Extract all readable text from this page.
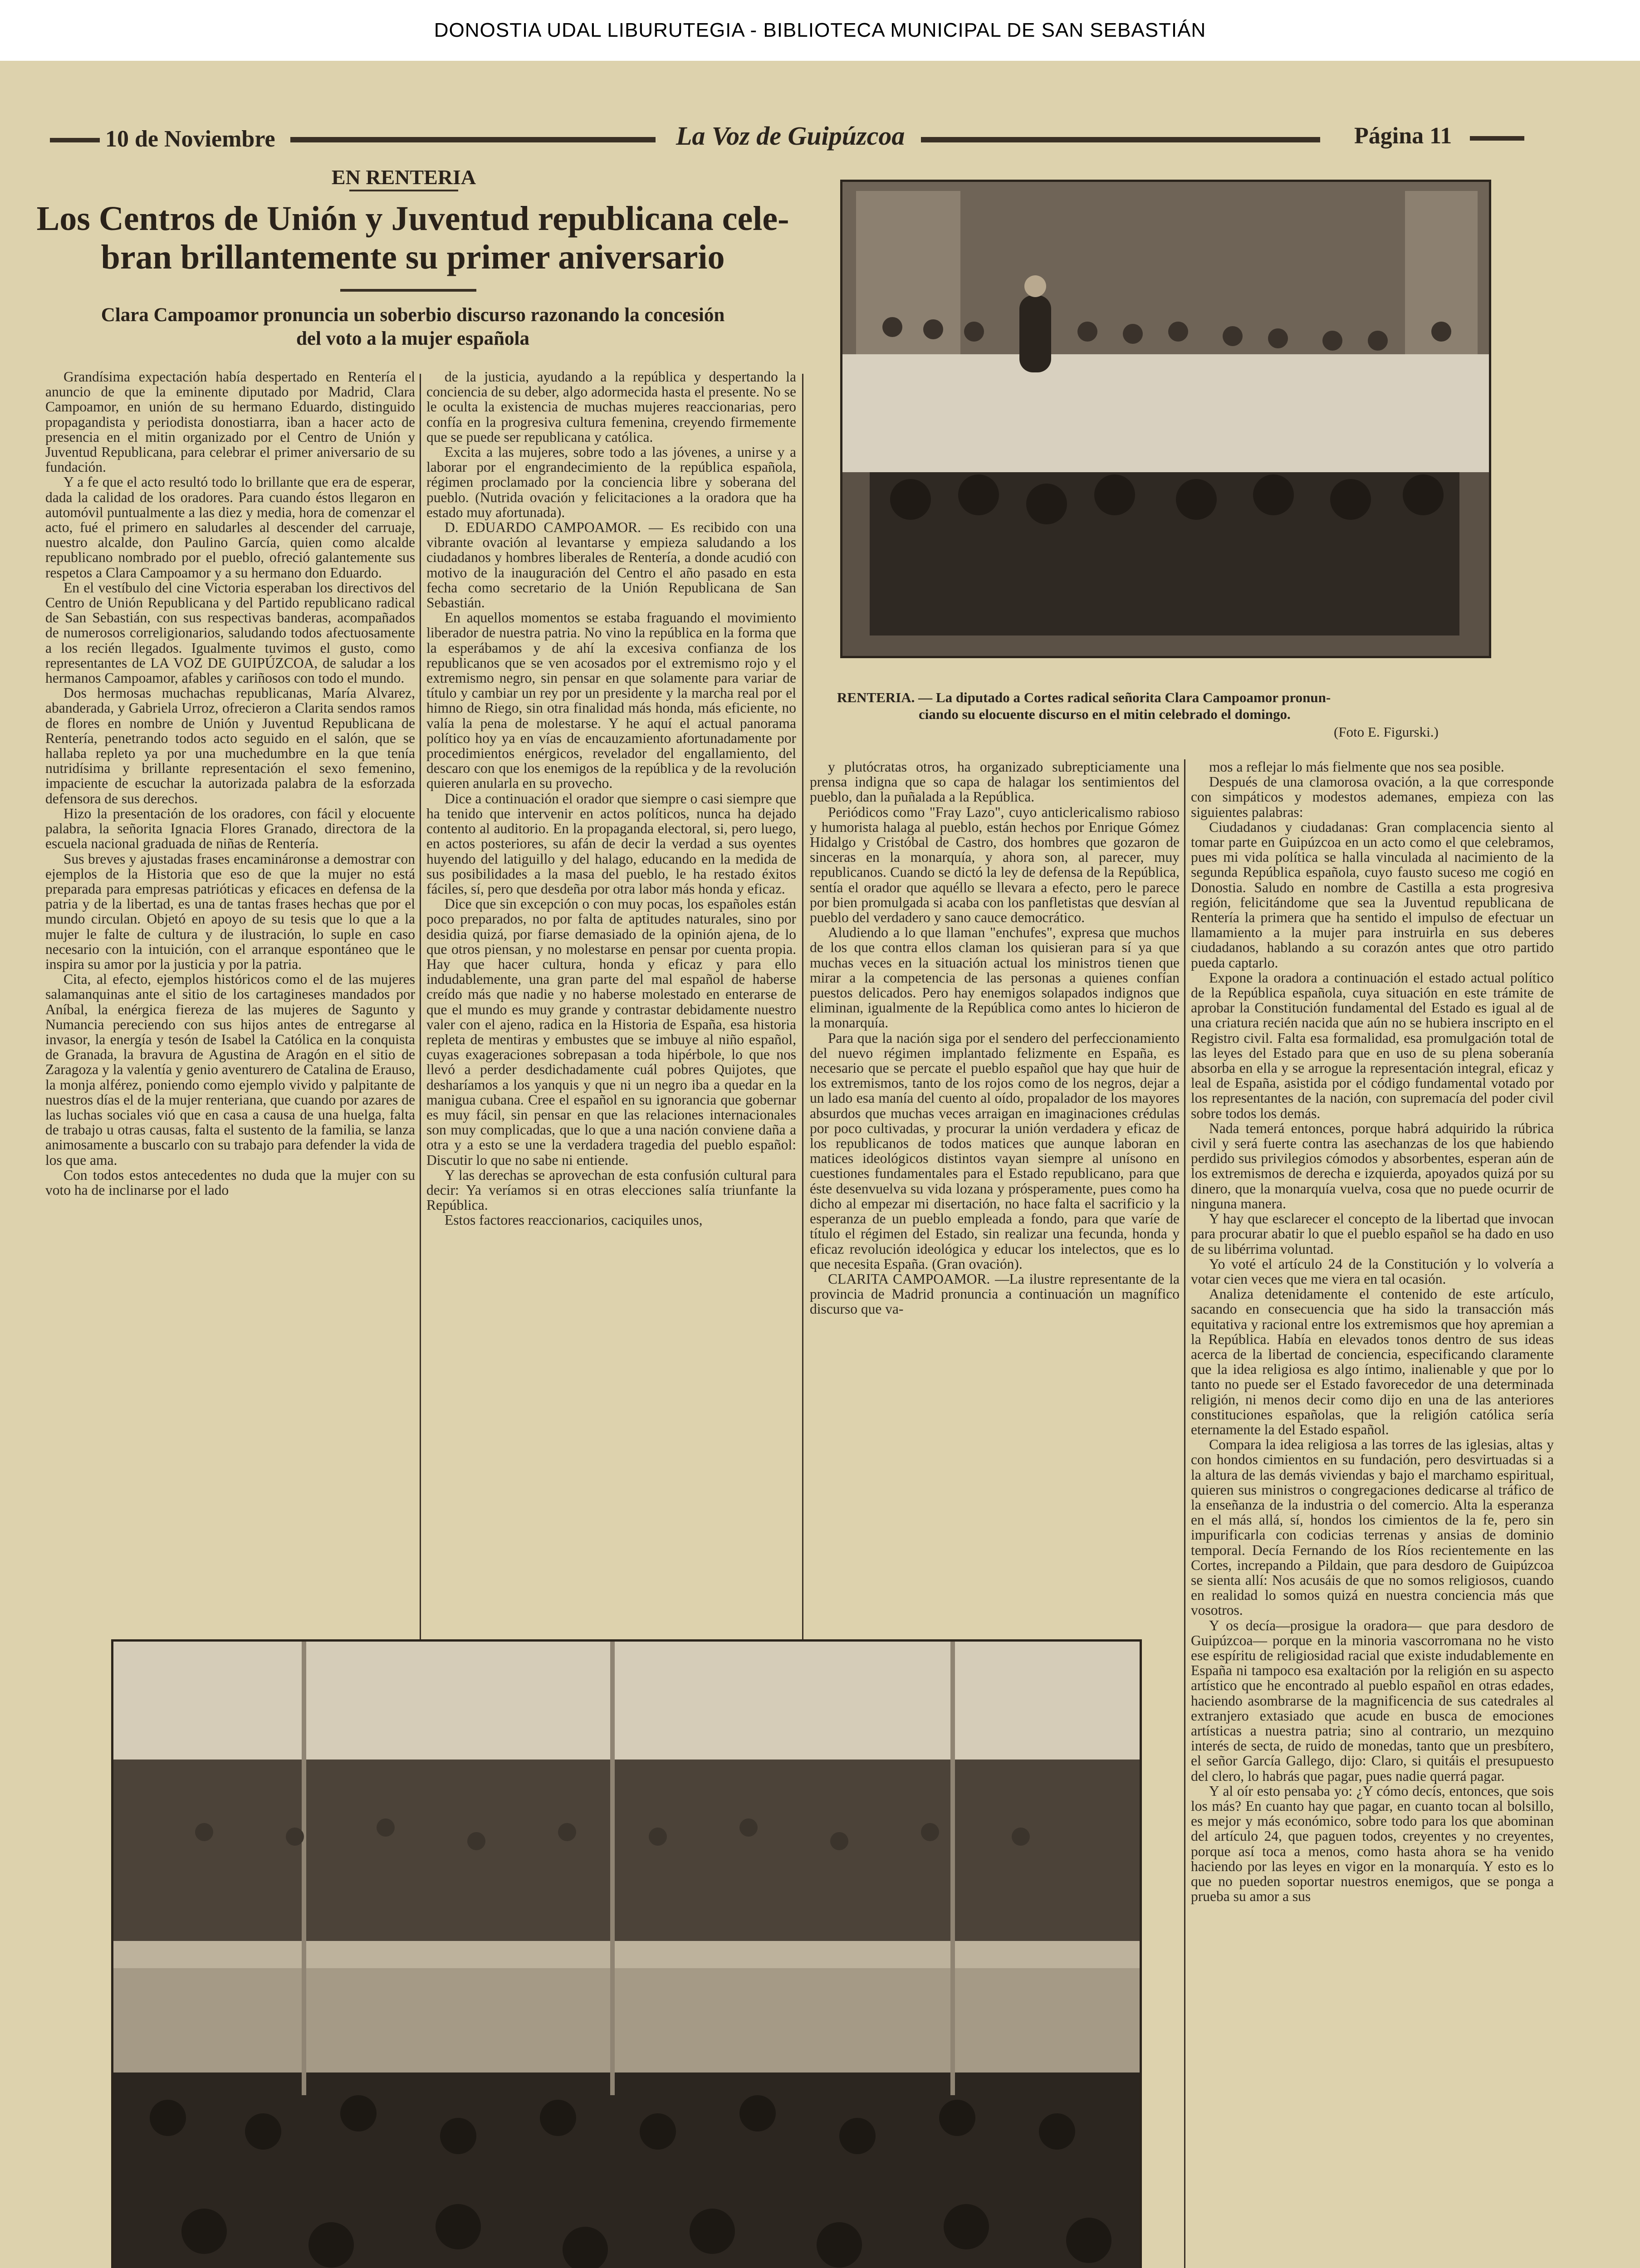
DONOSTIA UDAL LIBURUTEGIA - BIBLIOTECA MUNICIPAL DE SAN SEBASTIÁN
10 de Noviembre	La Voz de Guipúzcoa	Página 11
EN RENTERIA
Los Centros de Unión y Juventud republicana cele-
bran brillantemente su primer aniversario
Clara Campoamor pronuncia un soberbio discurso razonando la concesión
del voto a la mujer española

Grandísima expectación había despertado en Rentería el anuncio de que la eminente diputado por Madrid, Clara Campoamor, en unión de su hermano Eduardo, distinguido propagandista y periodista donostiarra, iban a hacer acto de presencia en el mitin organizado por el Centro de Unión y Juventud Republicana, para celebrar el primer aniversario de su fundación.

Y a fe que el acto resultó todo lo brillante que era de esperar, dada la calidad de los oradores. Para cuando éstos llegaron en automóvil puntualmente a las diez y media, hora de comenzar el acto, fué el primero en saludarles al descender del carruaje, nuestro alcalde, don Paulino García, quien como alcalde republicano nombrado por el pueblo, ofreció galantemente sus respetos a Clara Campoamor y a su hermano don Eduardo.

En el vestíbulo del cine Victoria esperaban los directivos del Centro de Unión Republicana y del Partido republicano radical de San Sebastián, con sus respectivas banderas, acompañados de numerosos correligionarios, saludando todos afectuosamente a los recién llegados. Igualmente tuvimos el gusto, como representantes de LA VOZ DE GUIPÚZCOA, de saludar a los hermanos Campoamor, afables y cariñosos con todo el mundo.

Dos hermosas muchachas republicanas, María Alvarez, abanderada, y Gabriela Urroz, ofrecieron a Clarita sendos ramos de flores en nombre de Unión y Juventud Republicana de Rentería, penetrando todos acto seguido en el salón, que se hallaba repleto ya por una muchedumbre en la que tenía nutridísima y brillante representación el sexo femenino, impaciente de escuchar la autorizada palabra de la esforzada defensora de sus derechos.

Hizo la presentación de los oradores, con fácil y elocuente palabra, la señorita Ignacia Flores Granado, directora de la escuela nacional graduada de niñas de Rentería.

Sus breves y ajustadas frases encamináronse a demostrar con ejemplos de la Historia que eso de que la mujer no está preparada para empresas patrióticas y eficaces en defensa de la patria y de la libertad, es una de tantas frases hechas que por el mundo circulan. Objetó en apoyo de su tesis que lo que a la mujer le falte de cultura y de ilustración, lo suple en caso necesario con la intuición, con el arranque espontáneo que le inspira su amor por la justicia y por la patria.

Cita, al efecto, ejemplos históricos como el de las mujeres salamanquinas ante el sitio de los cartagineses mandados por Aníbal, la enérgica fiereza de las mujeres de Sagunto y Numancia pereciendo con sus hijos antes de entregarse al invasor, la energía y tesón de Isabel la Católica en la conquista de Granada, la bravura de Agustina de Aragón en el sitio de Zaragoza y la valentía y genio aventurero de Catalina de Erauso, la monja alférez, poniendo como ejemplo vivido y palpitante de nuestros días el de la mujer renteriana, que cuando por azares de las luchas sociales vió que en casa a causa de una huelga, falta de trabajo u otras causas, falta el sustento de la familia, se lanza animosamente a buscarlo con su trabajo para defender la vida de los que ama.

Con todos estos antecedentes no duda que la mujer con su voto ha de inclinarse por el lado

de la justicia, ayudando a la república y despertando la conciencia de su deber, algo adormecida hasta el presente. No se le oculta la existencia de muchas mujeres reaccionarias, pero confía en la progresiva cultura femenina, creyendo firmemente que se puede ser republicana y católica.

Excita a las mujeres, sobre todo a las jóvenes, a unirse y a laborar por el engrandecimiento de la república española, régimen proclamado por la conciencia libre y soberana del pueblo. (Nutrida ovación y felicitaciones a la oradora que ha estado muy afortunada).

D. EDUARDO CAMPOAMOR. — Es recibido con una vibrante ovación al levantarse y empieza saludando a los ciudadanos y hombres liberales de Rentería, a donde acudió con motivo de la inauguración del Centro el año pasado en esta fecha como secretario de la Unión Republicana de San Sebastián.

En aquellos momentos se estaba fraguando el movimiento liberador de nuestra patria. No vino la república en la forma que la esperábamos y de ahí la excesiva confianza de los republicanos que se ven acosados por el extremismo rojo y el extremismo negro, sin pensar en que solamente para variar de título y cambiar un rey por un presidente y la marcha real por el himno de Riego, sin otra finalidad más honda, más eficiente, no valía la pena de molestarse. Y he aquí el actual panorama político hoy ya en vías de encauzamiento afortunadamente por procedimientos enérgicos, revelador del engallamiento, del descaro con que los enemigos de la república y de la revolución quieren anularla en su provecho.

Dice a continuación el orador que siempre o casi siempre que ha tenido que intervenir en actos políticos, nunca ha dejado contento al auditorio. En la propaganda electoral, si, pero luego, en actos posteriores, su afán de decir la verdad a sus oyentes huyendo del latiguillo y del halago, educando en la medida de sus posibilidades a la masa del pueblo, le ha restado éxitos fáciles, sí, pero que desdeña por otra labor más honda y eficaz.

Dice que sin excepción o con muy pocas, los españoles están poco preparados, no por falta de aptitudes naturales, sino por desidia quizá, por fiarse demasiado de la opinión ajena, de lo que otros piensan, y no molestarse en pensar por cuenta propia. Hay que hacer cultura, honda y eficaz y para ello indudablemente, una gran parte del mal español de haberse creído más que nadie y no haberse molestado en enterarse de que el mundo es muy grande y contrastar debidamente nuestro valer con el ajeno, radica en la Historia de España, esa historia repleta de mentiras y embustes que se imbuye al niño español, cuyas exageraciones sobrepasan a toda hipérbole, lo que nos llevó a perder desdichadamente cuál pobres Quijotes, que desharíamos a los yanquis y que ni un negro iba a quedar en la manigua cubana. Cree el español en su ignorancia que gobernar es muy fácil, sin pensar en que las relaciones internacionales son muy complicadas, que lo que a una nación conviene daña a otra y a esto se une la verdadera tragedia del pueblo español: Discutir lo que no sabe ni entiende.

Y las derechas se aprovechan de esta confusión cultural para decir: Ya veríamos si en otras elecciones salía triunfante la República.

Estos factores reaccionarios, caciquiles unos,

y plutócratas otros, ha organizado subrepticiamente una prensa indigna que so capa de halagar los sentimientos del pueblo, dan la puñalada a la República.

Periódicos como "Fray Lazo", cuyo anticlericalismo rabioso y humorista halaga al pueblo, están hechos por Enrique Gómez Hidalgo y Cristóbal de Castro, dos hombres que gozaron de sinceras en la monarquía, y ahora son, al parecer, muy republicanos. Cuando se dictó la ley de defensa de la República, sentía el orador que aquéllo se llevara a efecto, pero le parece por bien promulgada si acaba con los panfletistas que desvían al pueblo del verdadero y sano cauce democrático.

Aludiendo a lo que llaman "enchufes", expresa que muchos de los que contra ellos claman los quisieran para sí ya que muchas veces en la situación actual los ministros tienen que mirar a la competencia de las personas a quienes confían puestos delicados. Pero hay enemigos solapados indignos que eliminan, igualmente de la República como antes lo hicieron de la monarquía.

Para que la nación siga por el sendero del perfeccionamiento del nuevo régimen implantado felizmente en España, es necesario que se percate el pueblo español que hay que huir de los extremismos, tanto de los rojos como de los negros, dejar a un lado esa manía del cuento al oído, propalador de los mayores absurdos que muchas veces arraigan en imaginaciones crédulas por poco cultivadas, y procurar la unión verdadera y eficaz de los republicanos de todos matices que aunque laboran en matices ideológicos distintos vayan siempre al unísono en cuestiones fundamentales para el Estado republicano, para que éste desenvuelva su vida lozana y prósperamente, pues como ha dicho al empezar mi disertación, no hace falta el sacrificio y la esperanza de un pueblo empleada a fondo, para que varíe de título el régimen del Estado, sin realizar una fecunda, honda y eficaz revolución ideológica y educar los intelectos, que es lo que necesita España. (Gran ovación).

CLARITA CAMPOAMOR. —La ilustre representante de la provincia de Madrid pronuncia a continuación un magnífico discurso que va-

mos a reflejar lo más fielmente que nos sea posible.

Después de una clamorosa ovación, a la que corresponde con simpáticos y modestos ademanes, empieza con las siguientes palabras:

Ciudadanos y ciudadanas: Gran complacencia siento al tomar parte en Guipúzcoa en un acto como el que celebramos, pues mi vida política se halla vinculada al nacimiento de la segunda República española, cuyo fausto suceso me cogió en Donostia. Saludo en nombre de Castilla a esta progresiva región, felicitándome que sea la Juventud republicana de Rentería la primera que ha sentido el impulso de efectuar un llamamiento a la mujer para instruirla en sus deberes ciudadanos, hablando a su corazón antes que otro partido pueda captarlo.

Expone la oradora a continuación el estado actual político de la República española, cuya situación en este trámite de aprobar la Constitución fundamental del Estado es igual al de una criatura recién nacida que aún no se hubiera inscripto en el Registro civil. Falta esa formalidad, esa promulgación total de las leyes del Estado para que en uso de su plena soberanía absorba en ella y se arrogue la representación integral, eficaz y leal de España, asistida por el código fundamental votado por los representantes de la nación, con supremacía del poder civil sobre todos los demás.

Nada temerá entonces, porque habrá adquirido la rúbrica civil y será fuerte contra las asechanzas de los que habiendo perdido sus privilegios cómodos y absorbentes, esperan aún de los extremismos de derecha e izquierda, apoyados quizá por su dinero, que la monarquía vuelva, cosa que no puede ocurrir de ninguna manera.

Y hay que esclarecer el concepto de la libertad que invocan para procurar abatir lo que el pueblo español se ha dado en uso de su libérrima voluntad.

Yo voté el artículo 24 de la Constitución y lo volvería a votar cien veces que me viera en tal ocasión.

Analiza detenidamente el contenido de este artículo, sacando en consecuencia que ha sido la transacción más equitativa y racional entre los extremismos que hoy apremian a la República. Había en elevados tonos dentro de sus ideas acerca de la libertad de conciencia, especificando claramente que la idea religiosa es algo íntimo, inalienable y que por lo tanto no puede ser el Estado favorecedor de una determinada religión, ni menos decir como dijo en una de las anteriores constituciones españolas, que la religión católica sería eternamente la del Estado español.

Compara la idea religiosa a las torres de las iglesias, altas y con hondos cimientos en su fundación, pero desvirtuadas si a la altura de las demás viviendas y bajo el marchamo espiritual, quieren sus ministros o congregaciones dedicarse al tráfico de la enseñanza de la industria o del comercio. Alta la esperanza en el más allá, sí, hondos los cimientos de la fe, pero sin impurificarla con codicias terrenas y ansias de dominio temporal. Decía Fernando de los Ríos recientemente en las Cortes, increpando a Pildain, que para desdoro de Guipúzcoa se sienta allí: Nos acusáis de que no somos religiosos, cuando en realidad lo somos quizá en nuestra conciencia más que vosotros.

Y os decía—prosigue la oradora— que para desdoro de Guipúzcoa— porque en la minoria vascorromana no he visto ese espíritu de religiosidad racial que existe indudablemente en España ni tampoco esa exaltación por la religión en su aspecto artístico que he encontrado al pueblo español en otras edades, haciendo asombrarse de la magnificencia de sus catedrales al extranjero extasiado que acude en busca de emociones artísticas a nuestra patria; sino al contrario, un mezquino interés de secta, de ruido de monedas, tanto que un presbítero, el señor García Gallego, dijo: Claro, si quitáis el presupuesto del clero, lo habrás que pagar, pues nadie querrá pagar.

Y al oír esto pensaba yo: ¿Y cómo decís, entonces, que sois los más? En cuanto hay que pagar, en cuanto tocan al bolsillo, es mejor y más económico, sobre todo para los que abominan del artículo 24, que paguen todos, creyentes y no creyentes, porque así toca a menos, como hasta ahora se ha venido haciendo por las leyes en vigor en la monarquía. Y esto es lo que no pueden soportar nuestros enemigos, que se ponga a prueba su amor a sus

RENTERIA. — La diputado a Cortes radical señorita Clara Campoamor pronun-
ciando su elocuente discurso en el mitin celebrado el domingo.
(Foto E. Figurski.)
